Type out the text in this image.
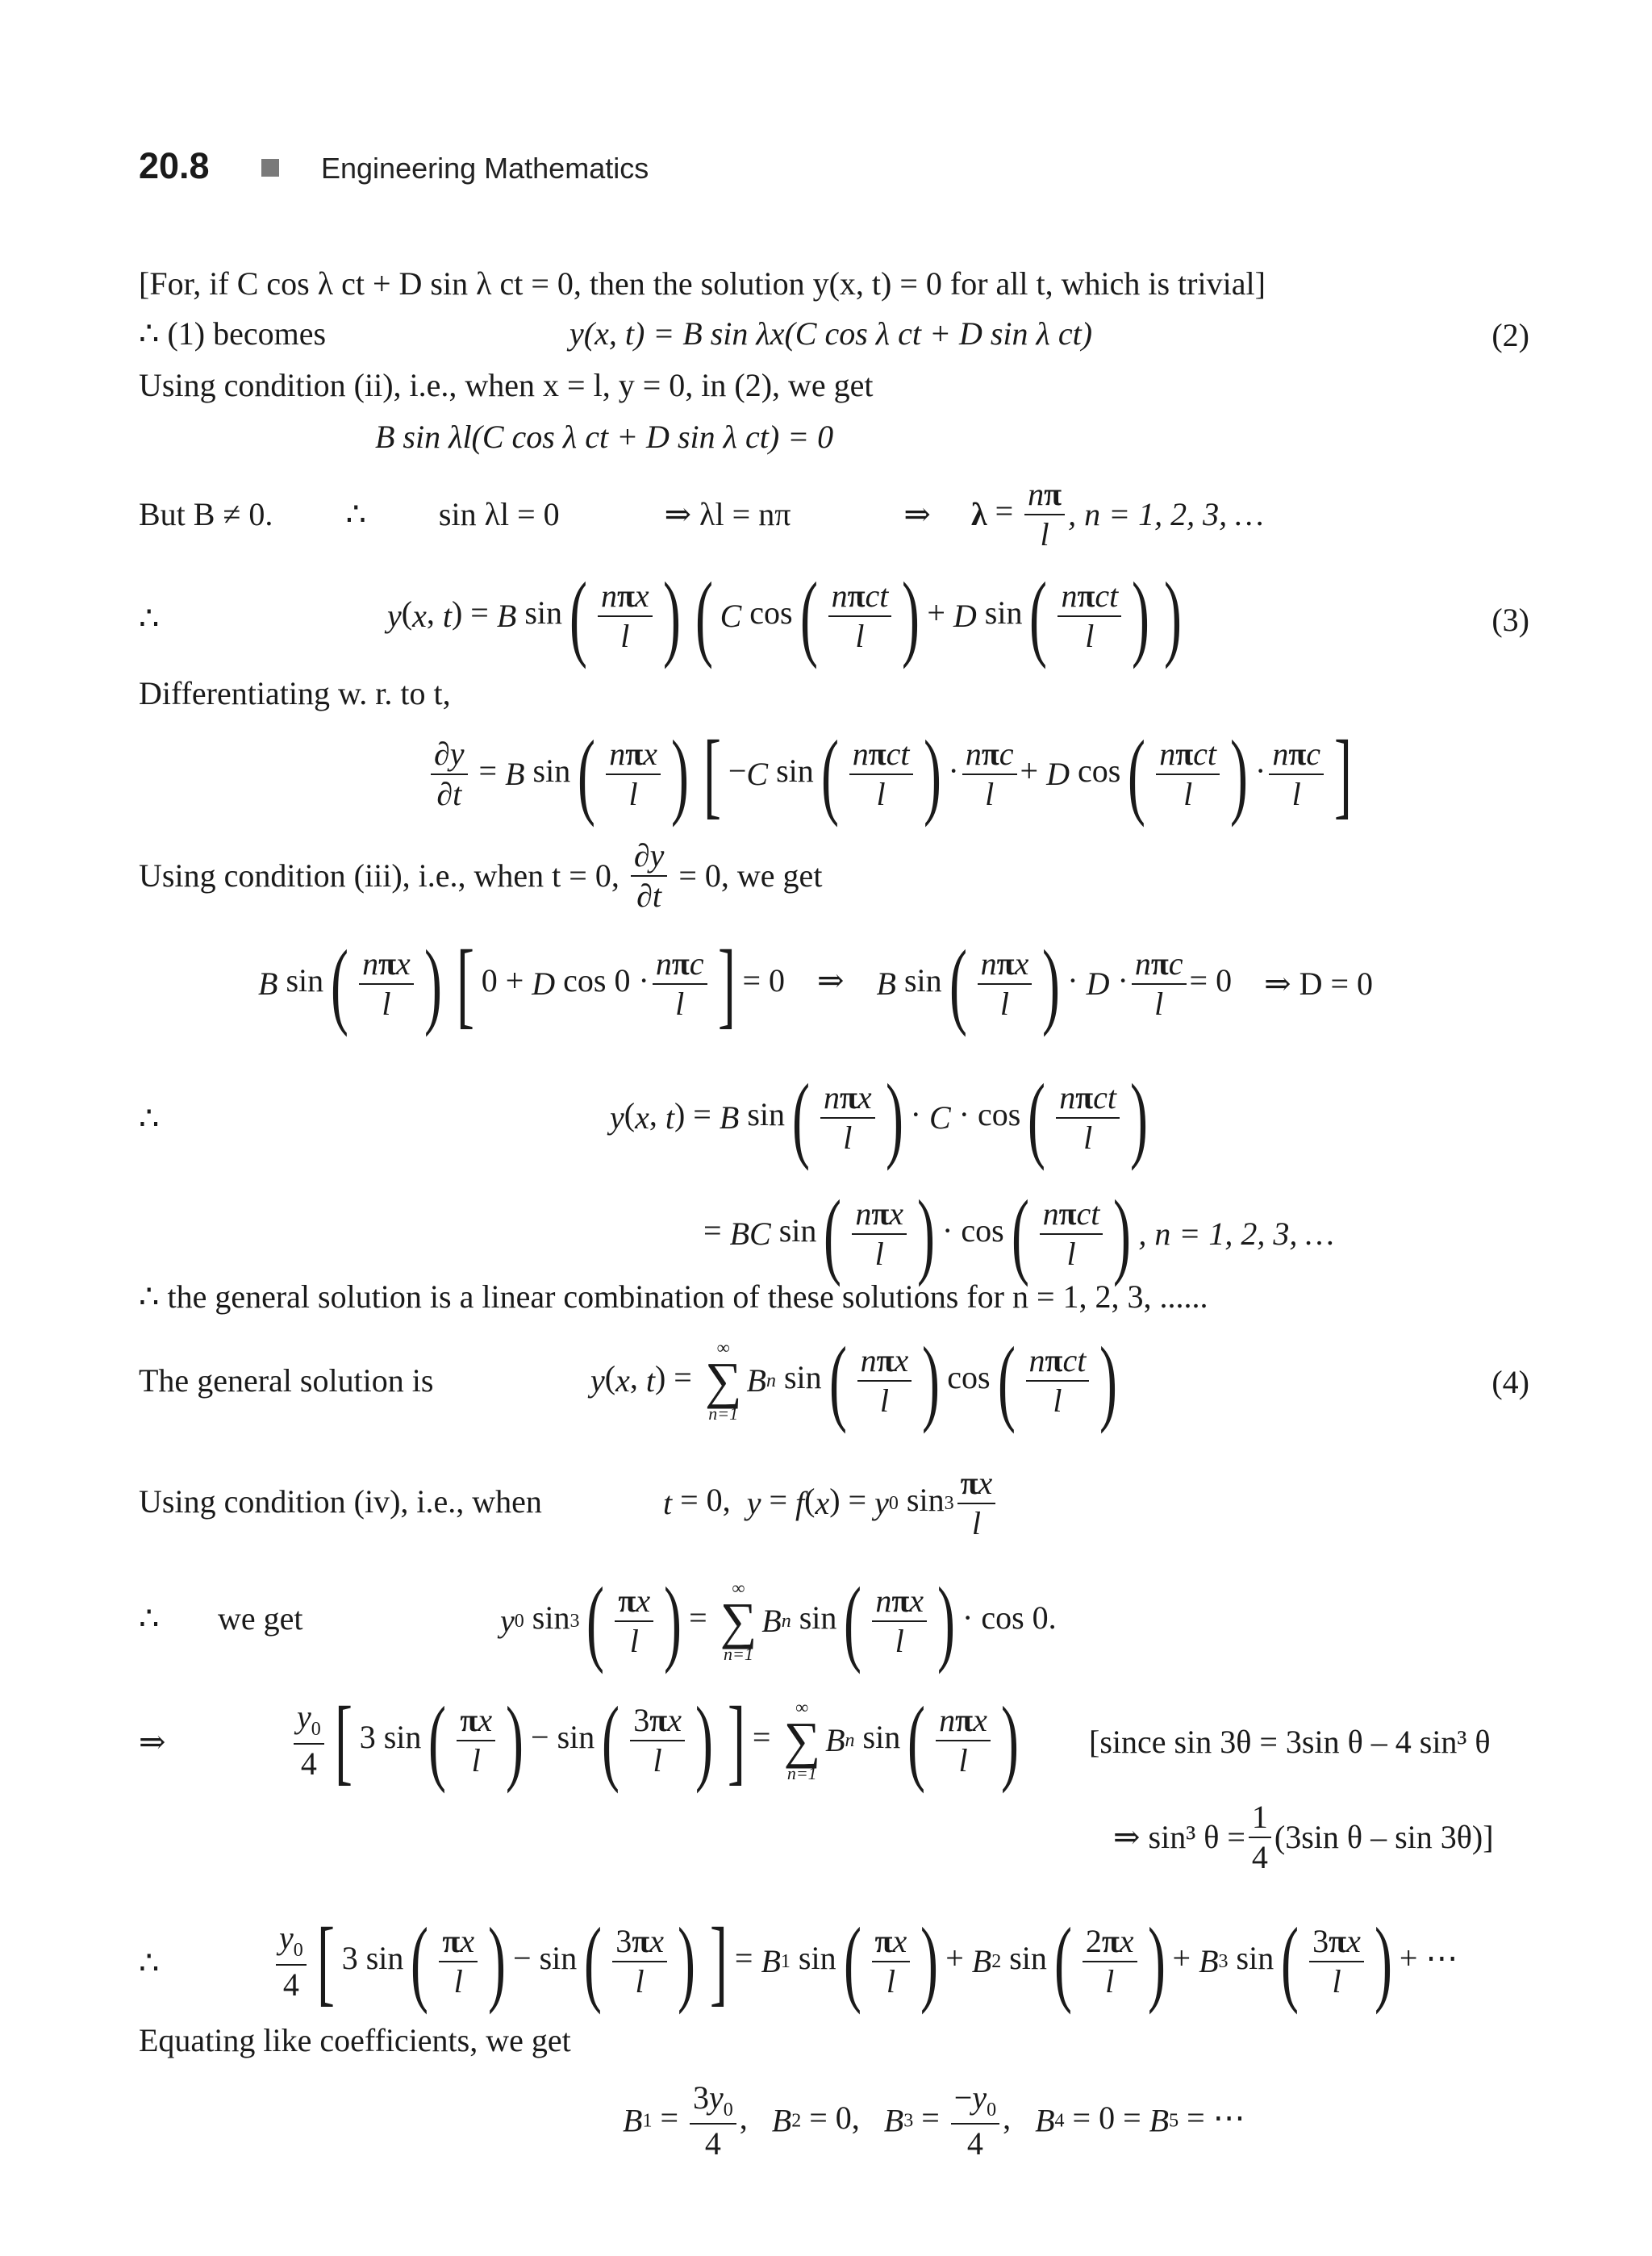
20.8	Engineering Mathematics
[For, if C cos λ ct + D sin λ ct = 0, then the solution y(x, t) = 0 for all t, which is trivial]
∴ (1) becomes	y(x, t) = B sin λx(C cos λ ct + D sin λ ct)	(2)
Using condition (ii), i.e., when x = l, y = 0, in (2), we get
B sin λl(C cos λ ct + D sin λ ct) = 0
But B ≠ 0. ∴ sin λl = 0	⇒ λl = nπ	⇒ $\lambda = \frac{n\pi}{l}$ , n = 1, 2, 3, …
∴	y(x, t) = B $\sin( \frac{\text{nπx}}{l}$ ) ( C $\cos( \frac{\text{nπct}}{l}$ ) + D $\sin( \frac{\text{nπct}}{l}$ ) )	(3)
Differentiating w. r. to t,
$\frac{\partial y}{\partial t} = B$ $\sin( \frac{\text{nπx}}{l}$ ) [ −C $\sin( \frac{\text{nπct}}{l}$ ) · $\frac{\text{nπc}}{l} + D$ $\cos( \frac{\text{nπct}}{l}$ ) · $\frac{\text{nπc}}{l}$ ]
Using condition (iii), i.e., when t = 0, $\frac{\partial y}{\partial t} = 0$, we get
B $\sin( \frac{\text{nπx}}{l}$ ) [ 0 + D $\cos 0 \cdot \frac{\text{nπc}}{l}$ ] = 0    ⇒    B $\sin( \frac{\text{nπx}}{l}$ ) · $D \cdot \frac{\text{nπc}}{l} = 0$    ⇒ D = 0
∴	y(x, t) = B $\sin( \frac{\text{nπx}}{l}$ ) · $C \cdot \cos( \frac{\text{nπct}}{l}$ )
= BC $\sin( \frac{\text{nπx}}{l}$ ) · $\cos( \frac{\text{nπct}}{l}$ ) , n = 1, 2, 3, …
∴ the general solution is a linear combination of these solutions for n = 1, 2, 3, ......
The general solution is	y(x, t) =
∞
∑
n=1
Bn $\sin( \frac{\text{nπx}}{l}$ ) $\cos( \frac{\text{nπct}}{l}$ )	(4)
Using condition (iv), i.e., when	t = 0,  y = f(x) = y0 $\sin 3 \frac{\pi x}{l}$
∴ we get	y0 $\sin 3( \frac{\pi x}{l}$ ) =
∞
∑
n=1
Bn $\sin( \frac{\text{nπx}}{l}$ ) · cos 0.
⇒	$\frac{y_0}{4}$ [ 3 $\sin( \frac{\pi x}{l}$ ) − $\sin( \frac{3\pi x}{l}$ ) ] =
∞
∑
n=1
Bn $\sin( \frac{\text{nπx}}{l}$ ) [since sin 3θ = 3sin θ – 4 sin³ θ
⇒ sin³ $\theta = \frac{1}{4} (3\sin$ θ – sin 3θ)]
∴	$\frac{y_0}{4}$ [ 3 $\sin( \frac{\pi x}{l}$ ) − $\sin( \frac{3\pi x}{l}$ ) ] = B1 $\sin( \frac{\pi x}{l}$ ) + B2 $\sin( \frac{2\pi x}{l}$ ) + B3 $\sin( \frac{3\pi x}{l}$ ) + ⋯
Equating like coefficients, we get
$B1 = \frac{3y_0}{4}$ ,   B2 = 0,   $B3 = \frac{-y_0}{4}$ ,   B4 = 0 = B5 = ⋯
